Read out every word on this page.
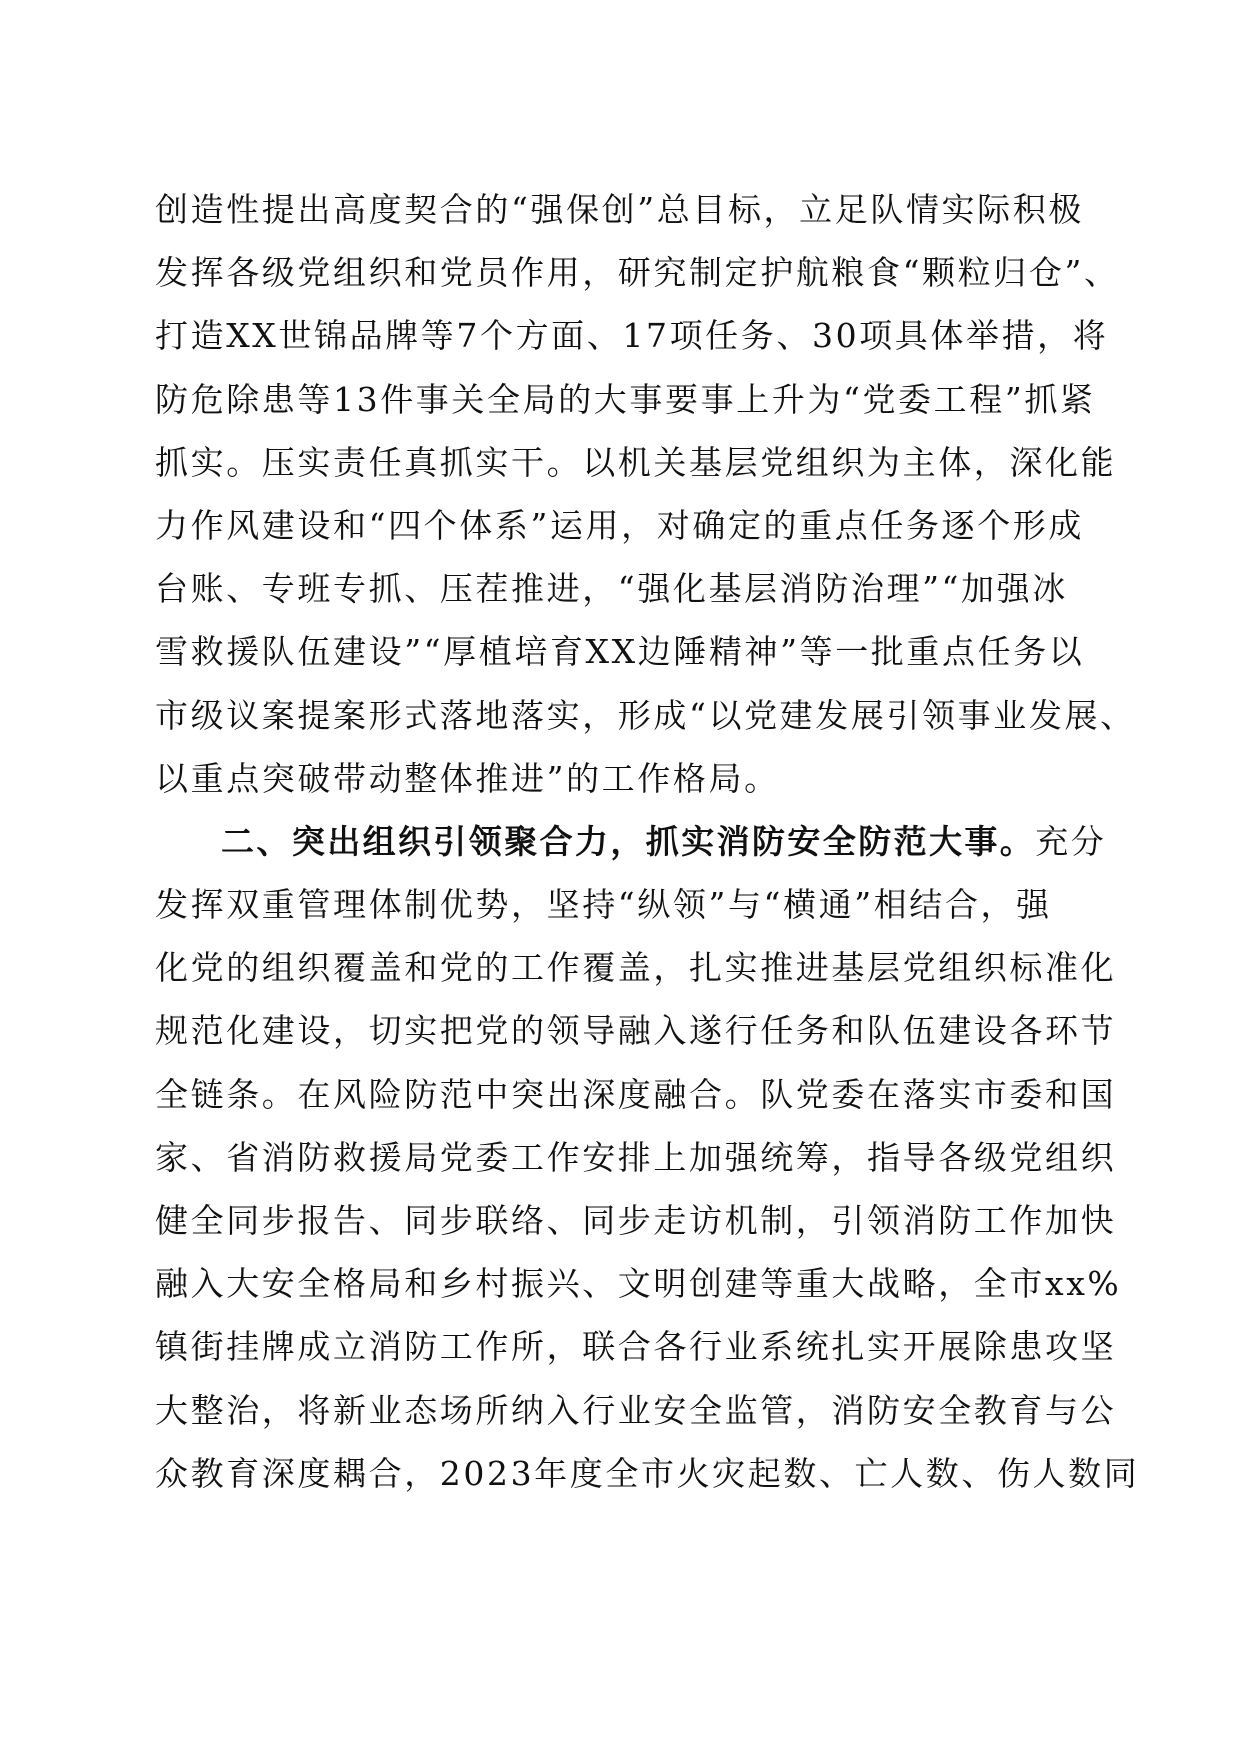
创造性提出高度契合的“强保创”总目标，立足队情实际积极
发挥各级党组织和党员作用，研究制定护航粮食“颗粒归仓”、
打造XX世锦品牌等7个方面、17项任务、30项具体举措，将
防危除患等13件事关全局的大事要事上升为“党委工程”抓紧
抓实。压实责任真抓实干。以机关基层党组织为主体，深化能
力作风建设和“四个体系”运用，对确定的重点任务逐个形成
台账、专班专抓、压茬推进，“强化基层消防治理”“加强冰
雪救援队伍建设”“厚植培育XX边陲精神”等一批重点任务以
市级议案提案形式落地落实，形成“以党建发展引领事业发展、
以重点突破带动整体推进”的工作格局。
二、突出组织引领聚合力，抓实消防安全防范大事。充分
发挥双重管理体制优势，坚持“纵领”与“横通”相结合，强
化党的组织覆盖和党的工作覆盖，扎实推进基层党组织标准化
规范化建设，切实把党的领导融入遂行任务和队伍建设各环节
全链条。在风险防范中突出深度融合。队党委在落实市委和国
家、省消防救援局党委工作安排上加强统筹，指导各级党组织
健全同步报告、同步联络、同步走访机制，引领消防工作加快
融入大安全格局和乡村振兴、文明创建等重大战略，全市xx%
镇街挂牌成立消防工作所，联合各行业系统扎实开展除患攻坚
大整治，将新业态场所纳入行业安全监管，消防安全教育与公
众教育深度耦合，2023年度全市火灾起数、亡人数、伤人数同
